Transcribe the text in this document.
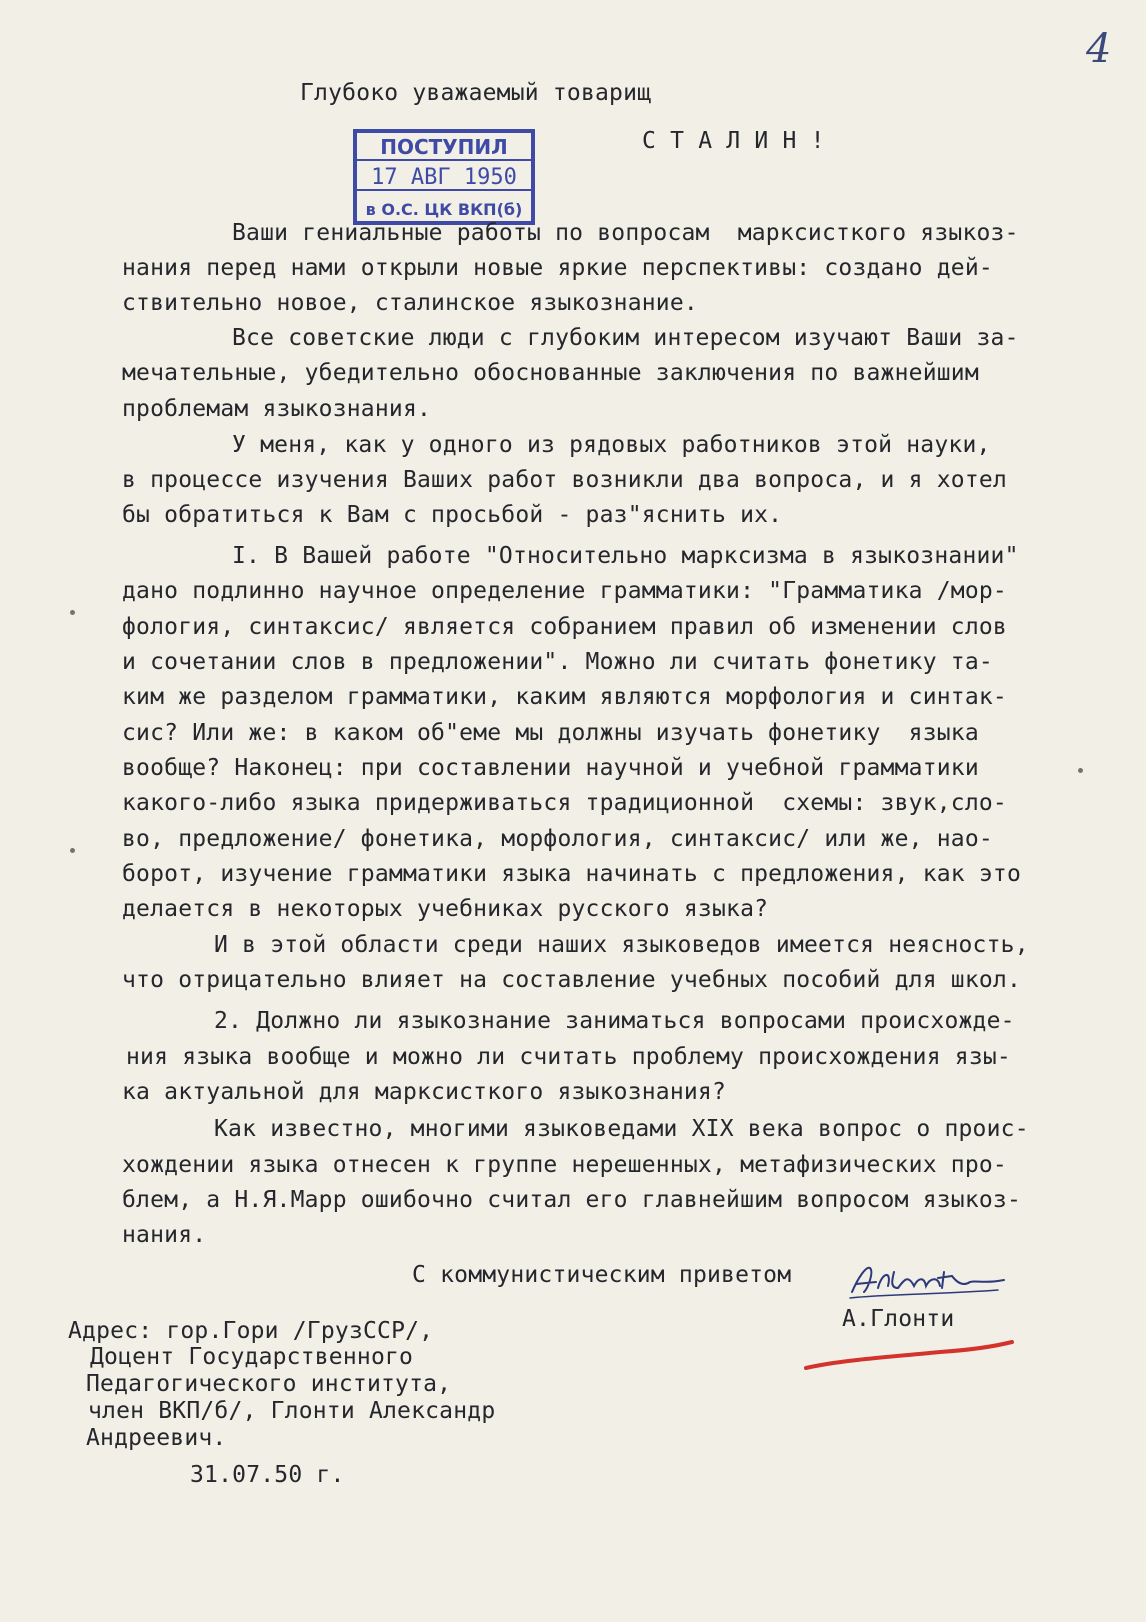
4
Глубоко уважаемый товарищ
С Т А Л И Н !
ПОСТУПИЛ
17 АВГ 1950
в О.С. ЦК ВКП(б)
Ваши гениальные работы по вопросам  марксисткого языкоз-
нания перед нами открыли новые яркие перспективы: создано дей-
ствительно новое, сталинское языкознание.
Все советские люди с глубоким интересом изучают Ваши за-
мечательные, убедительно обоснованные заключения по важнейшим
проблемам языкознания.
У меня, как у одного из рядовых работников этой науки,
в процессе изучения Ваших работ возникли два вопроса, и я хотел
бы обратиться к Вам с просьбой - раз"яснить их.
I. В Вашей работе "Относительно марксизма в языкознании"
дано подлинно научное определение грамматики: "Грамматика /мор-
фология, синтаксис/ является собранием правил об изменении слов
и сочетании слов в предложении". Можно ли считать фонетику та-
ким же разделом грамматики, каким являются морфология и синтак-
сис? Или же: в каком об"еме мы должны изучать фонетику  языка
вообще? Наконец: при составлении научной и учебной грамматики
какого-либо языка придерживаться традиционной  схемы: звук,сло-
во, предложение/ фонетика, морфология, синтаксис/ или же, нао-
борот, изучение грамматики языка начинать с предложения, как это
делается в некоторых учебниках русского языка?
И в этой области среди наших языковедов имеется неясность,
что отрицательно влияет на составление учебных пособий для школ.
2. Должно ли языкознание заниматься вопросами происхожде-
ния языка вообще и можно ли считать проблему происхождения язы-
ка актуальной для марксисткого языкознания?
Как известно, многими языковедами XIX века вопрос о проис-
хождении языка отнесен к группе нерешенных, метафизических про-
блем, а Н.Я.Марр ошибочно считал его главнейшим вопросом языкоз-
нания.
С коммунистическим приветом
А.Глонти
А.Глонти
Адрес: гор.Гори /ГрузССР/,
Доцент Государственного
Педагогического института,
член ВКП/б/, Глонти Александр
Андреевич.
31.07.50 г.
